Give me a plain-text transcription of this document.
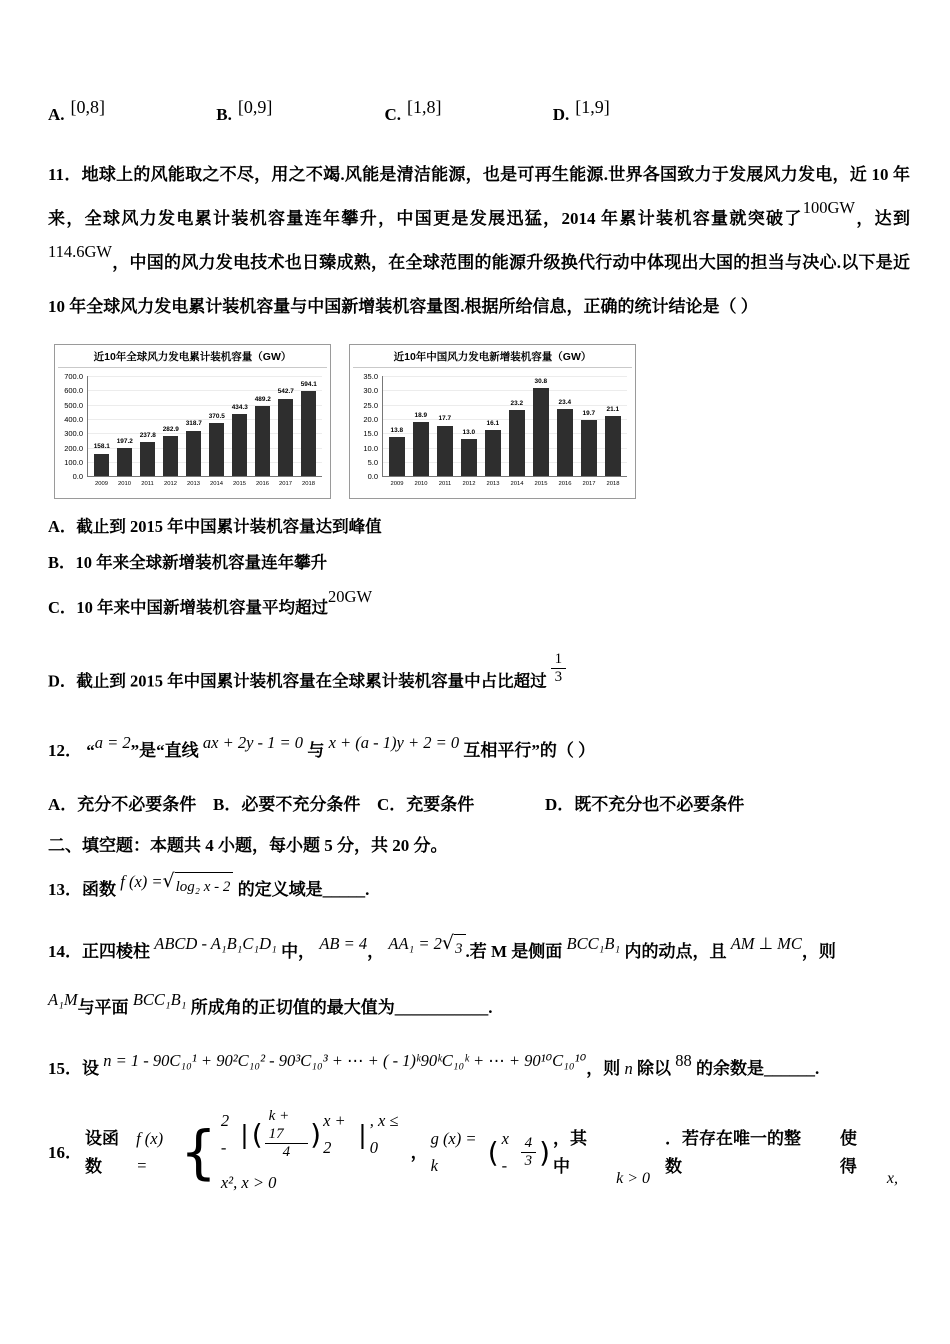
A. [0,8]	B. [0,9]	C. [1,8]	D. [1,9]

11．地球上的风能取之不尽，用之不竭.风能是清洁能源，也是可再生能源.世界各国致力于发展风力发电，近 10 年来，全球风力发电累计装机容量连年攀升，中国更是发展迅猛，2014 年累计装机容量就突破了100GW，达到114.6GW，中国的风力发电技术也日臻成熟，在全球范围的能源升级换代行动中体现出大国的担当与决心.以下是近 10 年全球风力发电累计装机容量与中国新增装机容量图.根据所给信息，正确的统计结论是（ ）

近10年全球风力发电累计装机容量（GW）
700.0
600.0
500.0
400.0
300.0
200.0
100.0
0.0
158.1
197.2
237.8
282.9
318.7
370.5
434.3
489.2
542.7
594.1
2009	2010	2011	2012	2013	2014	2015	2016	2017	2018
近10年中国风力发电新增装机容量（GW）
35.0
30.0
25.0
20.0
15.0
10.0
5.0
0.0
13.8
18.9
17.7
13.0
16.1
23.2
30.8
23.4
19.7
21.1
2009	2010	2011	2012	2013	2014	2015	2016	2017	2018
A．截止到 2015 年中国累计装机容量达到峰值
B．10 年来全球新增装机容量连年攀升
C．10 年来中国新增装机容量平均超过20GW
D．截止到 2015 年中国累计装机容量在全球累计装机容量中占比超过 $\frac{1}{3}$
12． “a = 2”是“直线 ax + 2y - 1 = 0 与 x + (a - 1)y + 2 = 0 互相平行”的（ ）
A．充分不必要条件 B．必要不充分条件 C．充要条件	D．既不充分也不必要条件
二、填空题：本题共 4 小题，每小题 5 分，共 20 分。
13．函数 f (x) = √ log₂ x - 2 的定义域是_____.
14．正四棱柱 ABCD - A₁B₁C₁D₁ 中， AB = 4， AA₁ = 2 √ 3 .若 M 是侧面 BCC₁B₁ 内的动点，且 AM ⊥ MC，则
A₁M与平面 BCC₁B₁ 所成角的正切值的最大值为___________.
15．设 n = 1 - 90C₁₀¹ + 90²C₁₀² - 90³C₁₀³ + ⋯ + ( - 1)ᵏ90ᵏC₁₀ᵏ + ⋯ + 90¹⁰C₁₀¹⁰，则 n 除以 88 的余数是______.
16．
设函数
f (x) = { 2 - | ( $\frac{k + 17}{4}$ ) x + 2	| , x ≤ 0
x², x > 0
，
g (x) = k	( x - $\frac{4}{3}$ ) ，其中
k > 0
．若存在唯一的整数
使得
x,
